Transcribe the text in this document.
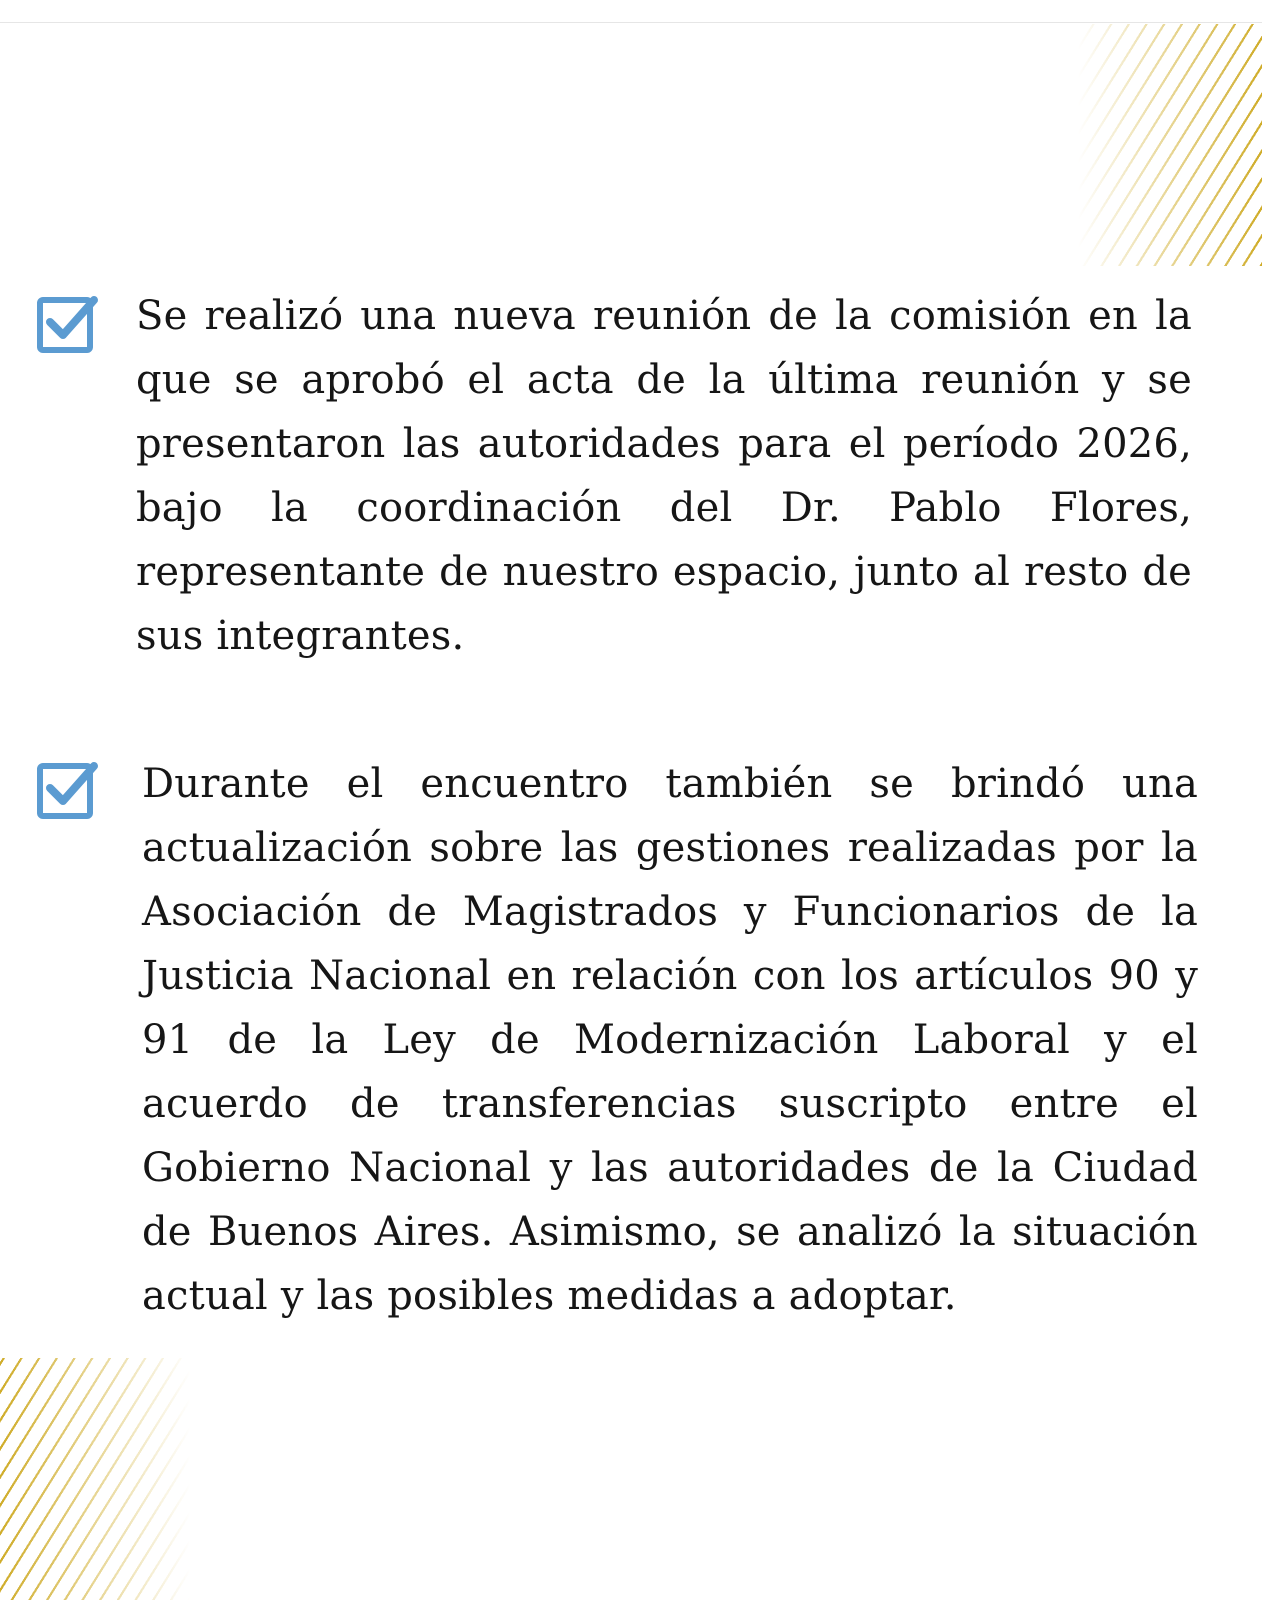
Se realizó una nueva reunión de la comisión en la que se aprobó el acta de la última reunión y se presentaron las autoridades para el período 2026, bajo la coordinación del Dr. Pablo Flores, representante de nuestro espacio, junto al resto de sus integrantes.

Durante el encuentro también se brindó una actualización sobre las gestiones realizadas por la Asociación de Magistrados y Funcionarios de la Justicia Nacional en relación con los artículos 90 y 91 de la Ley de Modernización Laboral y el acuerdo de transferencias suscripto entre el Gobierno Nacional y las autoridades de la Ciudad de Buenos Aires. Asimismo, se analizó la situación actual y las posibles medidas a adoptar.
